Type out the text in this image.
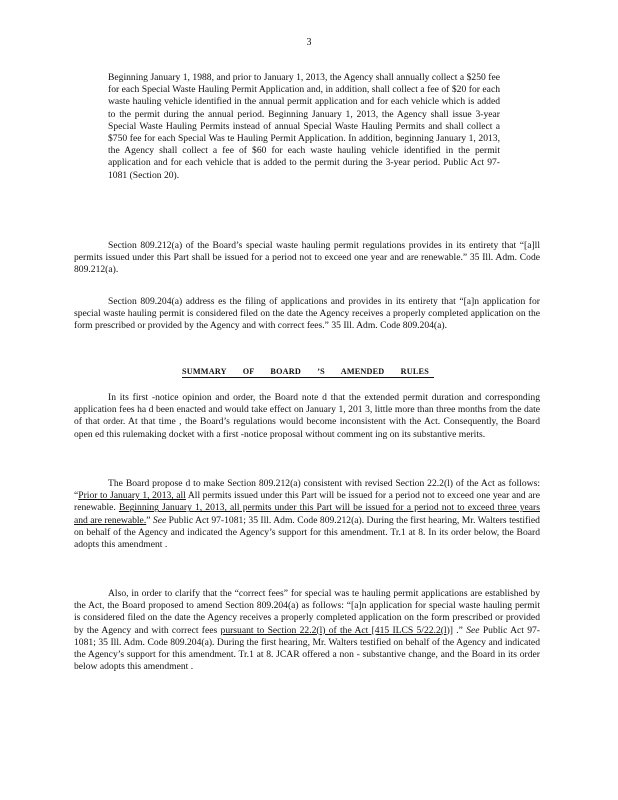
3

Beginning January 1, 1988, and prior to January 1, 2013, the Agency shall annually collect a $250 fee for each Special Waste Hauling Permit Application and, in addition, shall collect a fee of $20 for each waste hauling vehicle identified in the annual permit application and for each vehicle which is added to the permit during the annual period. Beginning January 1, 2013, the Agency shall issue 3-year Special Waste Hauling Permits instead of annual Special Waste Hauling Permits and shall collect a $750 fee for each Special Was te Hauling Permit Application. In addition, beginning January 1, 2013, the Agency shall collect a fee of $60 for each waste hauling vehicle identified in the permit application and for each vehicle that is added to the permit during the 3-year period. Public Act 97-1081 (Section 20).

Section 809.212(a) of the Board’s special waste hauling permit regulations provides in its entirety that “[a]ll permits issued under this Part shall be issued for a period not to exceed one year and are renewable.” 35 Ill. Adm. Code 809.212(a).

Section 809.204(a) address es the filing of applications and provides in its entirety that “[a]n application for special waste hauling permit is considered filed on the date the Agency receives a properly completed application on the form prescribed or provided by the Agency and with correct fees.” 35 Ill. Adm. Code 809.204(a).

SUMMARY OF BOARD ’S AMENDED RULES

In its first -notice opinion and order, the Board note d that the extended permit duration and corresponding application fees ha d been enacted and would take effect on January 1, 201 3, little more than three months from the date of that order. At that time , the Board’s regulations would become inconsistent with the Act. Consequently, the Board open ed this rulemaking docket with a first -notice proposal without comment ing on its substantive merits.

The Board propose d to make Section 809.212(a) consistent with revised Section 22.2(l) of the Act as follows: “Prior to January 1, 2013, all All permits issued under this Part will be issued for a period not to exceed one year and are renewable. Beginning January 1, 2013, all permits under this Part will be issued for a period not to exceed three years and are renewable.” See Public Act 97-1081; 35 Ill. Adm. Code 809.212(a). During the first hearing, Mr. Walters testified on behalf of the Agency and indicated the Agency’s support for this amendment. Tr.1 at 8. In its order below, the Board adopts this amendment .

Also, in order to clarify that the “correct fees” for special was te hauling permit applications are established by the Act, the Board proposed to amend Section 809.204(a) as follows: “[a]n application for special waste hauling permit is considered filed on the date the Agency receives a properly completed application on the form prescribed or provided by the Agency and with correct fees pursuant to Section 22.2(l) of the Act [415 ILCS 5/22.2(l)] .” See Public Act 97-1081; 35 Ill. Adm. Code 809.204(a). During the first hearing, Mr. Walters testified on behalf of the Agency and indicated the Agency’s support for this amendment. Tr.1 at 8. JCAR offered a non - substantive change, and the Board in its order below adopts this amendment .
